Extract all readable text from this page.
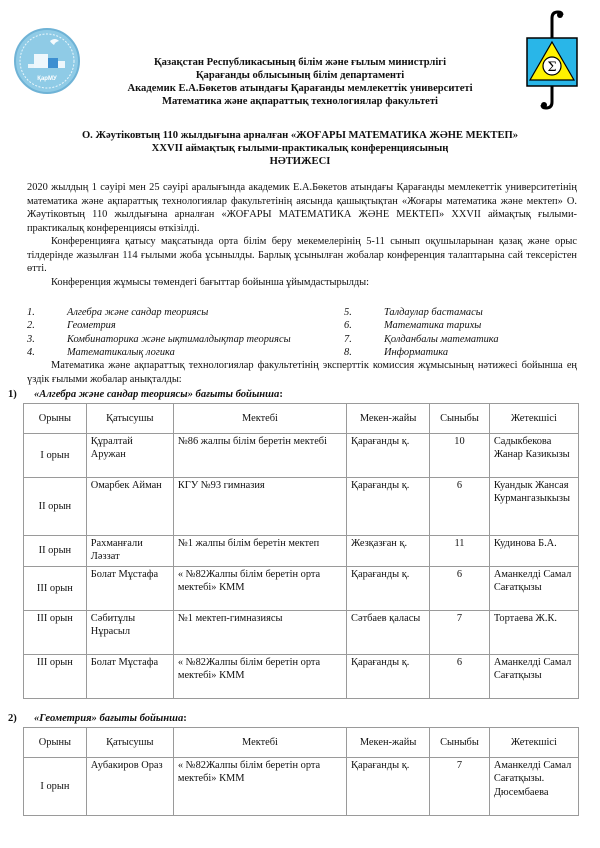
ҚарМУ
Σ
Қазақстан Республикасының білім және ғылым министрлігі
Қарағанды облысының білім департаменті
Академик Е.А.Бөкетов атындағы Қарағанды мемлекеттік университеті
Математика және ақпараттық технологиялар факультеті
О. Жәутіковтың 110 жылдығына арналған «ЖОҒАРЫ МАТЕМАТИКА ЖӘНЕ МЕКТЕП»
XXVII аймақтық ғылыми-практикалық конференциясының
НӘТИЖЕСІ
2020 жылдың 1 сәуірі мен 25 сәуірі аралығында академик Е.А.Бөкетов атындағы Қарағанды мемлекеттік университетінің математика және ақпараттық технологиялар факультетінің аясында қашықтықтан «Жоғары математика және мектеп» О. Жәутіковтың 110 жылдығына арналған «ЖОҒАРЫ МАТЕМАТИКА ЖӘНЕ МЕКТЕП» XXVII аймақтық ғылыми-практикалық конференциясы өткізілді.
Конференцияға қатысу мақсатында орта білім беру мекемелерінің 5-11 сынып оқушыларынан қазақ және орыс тілдерінде жазылған 114 ғылыми жоба ұсынылды. Барлық ұсынылған жобалар конференция талаптарына сай тексерістен өтті.
Конференция жұмысы төмендегі бағыттар бойынша ұйымдастырылды:
1.	Алгебра және сандар теориясы
2.	Геометрия
3.	Комбинаторика және ықтималдықтар теориясы
4.	Математикалық логика
5.	Талдаулар бастамасы
6.	Математика тарихы
7.	Қолданбалы математика
8.	Информатика
Математика және ақпараттық технологиялар факультетінің эксперттік комиссия жұмысының нәтижесі бойынша ең үздік ғылыми жобалар анықталды:
1) «Алгебра және сандар теориясы» бағыты бойынша:
Орыны	Қатысушы	Мектебі	Мекен-жайы	Сыныбы	Жетекшісі
I орын	Құралтай Аружан	№86 жалпы білім беретін мектебі	Қарағанды қ.	10	Садыкбекова Жанар Казикызы
II орын	Омарбек Айман	КГУ №93 гимназия	Қарағанды қ.	6	Куандык Жансая Курмангазыкызы
II орын	Рахманғали Ләззат	№1 жалпы білім беретін мектеп	Жезқазған қ.	11	Кудинова Б.А.
III орын	Болат Мұстафа	« №82Жалпы білім беретін орта мектебі» КММ	Қарағанды қ.	6	Аманкелді Самал Сағатқызы
III орын	Сәбитұлы Нұрасыл	№1 мектеп-гимназиясы	Сәтбаев қаласы	7	Тортаева Ж.К.
III орын	Болат Мұстафа	« №82Жалпы білім беретін орта мектебі» КММ	Қарағанды қ.	6	Аманкелді Самал Сағатқызы
2) «Геометрия» бағыты бойынша:
Орыны	Қатысушы	Мектебі	Мекен-жайы	Сыныбы	Жетекшісі
I орын	Аубакиров Ораз	« №82Жалпы білім беретін орта мектебі» КММ	Қарағанды қ.	7	Аманкелді Самал Сағатқызы. Дюсембаева
